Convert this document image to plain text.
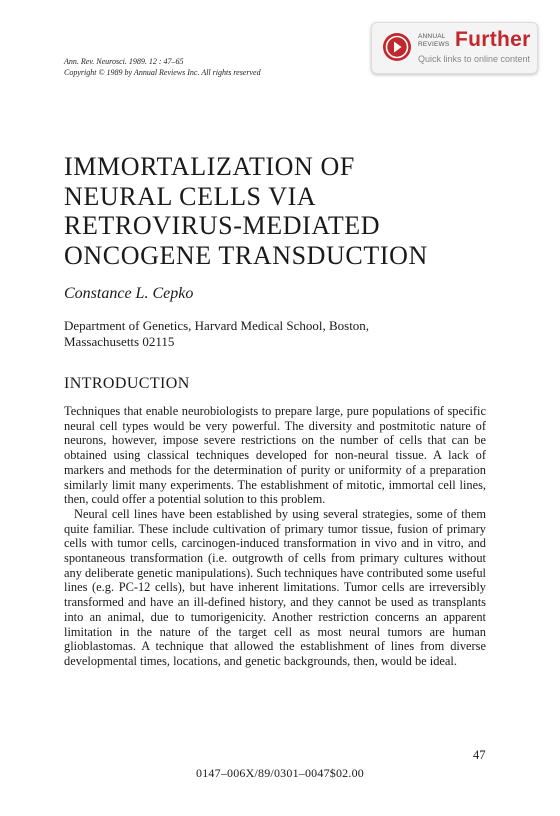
ANNUAL
REVIEWS Further
Quick links to online content
Ann. Rev. Neurosci. 1989. 12 : 47–65
Copyright © 1989 by Annual Reviews Inc. All rights reserved
IMMORTALIZATION OF
NEURAL CELLS VIA
RETROVIRUS-MEDIATED
ONCOGENE TRANSDUCTION
Constance L. Cepko
Department of Genetics, Harvard Medical School, Boston,
Massachusetts 02115
INTRODUCTION

Techniques that enable neurobiologists to prepare large, pure populations of specific neural cell types would be very powerful. The diversity and postmitotic nature of neurons, however, impose severe restrictions on the number of cells that can be obtained using classical techniques developed for non-neural tissue. A lack of markers and methods for the determination of purity or uniformity of a preparation similarly limit many experiments. The establishment of mitotic, immortal cell lines, then, could offer a potential solution to this problem.

Neural cell lines have been established by using several strategies, some of them quite familiar. These include cultivation of primary tumor tissue, fusion of primary cells with tumor cells, carcinogen-induced transformation in vivo and in vitro, and spontaneous transformation (i.e. outgrowth of cells from primary cultures without any deliberate genetic manipulations). Such techniques have contributed some useful lines (e.g. PC-12 cells), but have inherent limitations. Tumor cells are irreversibly transformed and have an ill-defined history, and they cannot be used as transplants into an animal, due to tumorigenicity. Another restriction concerns an apparent limitation in the nature of the target cell as most neural tumors are human glioblastomas. A technique that allowed the establishment of lines from diverse developmental times, locations, and genetic backgrounds, then, would be ideal.

47
0147–006X/89/0301–0047$02.00
